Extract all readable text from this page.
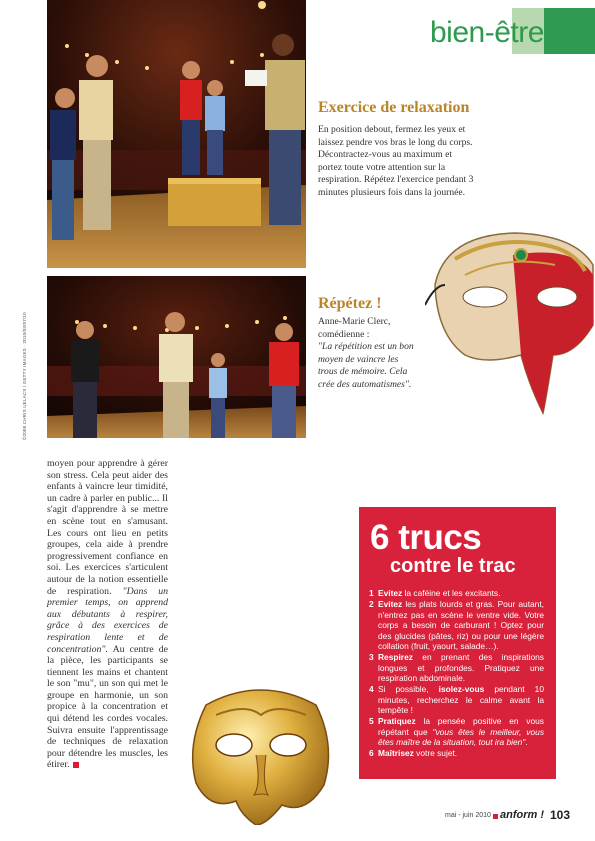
bien-être
©2008 CHRIS UELACS / GETTY IMAGES · 2010/03/07/10
Exercice de relaxation
En position debout, fermez les yeux et laissez pendre vos bras le long du corps. Décontractez-vous au maximum et portez toute votre attention sur la respiration. Répétez l'exercice pendant 3 minutes plusieurs fois dans la journée.
Répétez !
Anne-Marie Clerc, comédienne :
"La répétition est un bon moyen de vaincre les trous de mémoire. Cela crée des automatismes".
moyen pour apprendre à gérer son stress. Cela peut aider des enfants à vaincre leur timidité, un cadre à parler en public... Il s'agit d'apprendre à se mettre en scène tout en s'amusant. Les cours ont lieu en petits groupes, cela aide à prendre progressivement confiance en soi. Les exercices s'articulent autour de la notion essentielle de respiration. "Dans un premier temps, on apprend aux débutants à respirer, grâce à des exercices de respiration lente et de concentration". Au centre de la pièce, les participants se tiennent les mains et chantent le son "mu", un son qui met le groupe en harmonie, un son propice à la concentration et qui détend les cordes vocales. Suivra ensuite l'apprentissage de techniques de relaxation pour détendre les muscles, les étirer.
6 trucs
contre le trac
1 Evitez la caféine et les excitants.
2 Evitez les plats lourds et gras. Pour autant, n'entrez pas en scène le ventre vide. Votre corps a besoin de carburant ! Optez pour des glucides (pâtes, riz) ou pour une légère collation (fruit, yaourt, salade…).
3 Respirez en prenant des inspirations longues et profondes. Pratiquez une respiration abdominale.
4 Si possible, isolez-vous pendant 10 minutes, recherchez le calme avant la tempête !
5 Pratiquez la pensée positive en vous répétant que "vous êtes le meilleur, vous êtes maître de la situation, tout ira bien".
6 Maîtrisez votre sujet.
mai - juin 2010 anform ! 103
